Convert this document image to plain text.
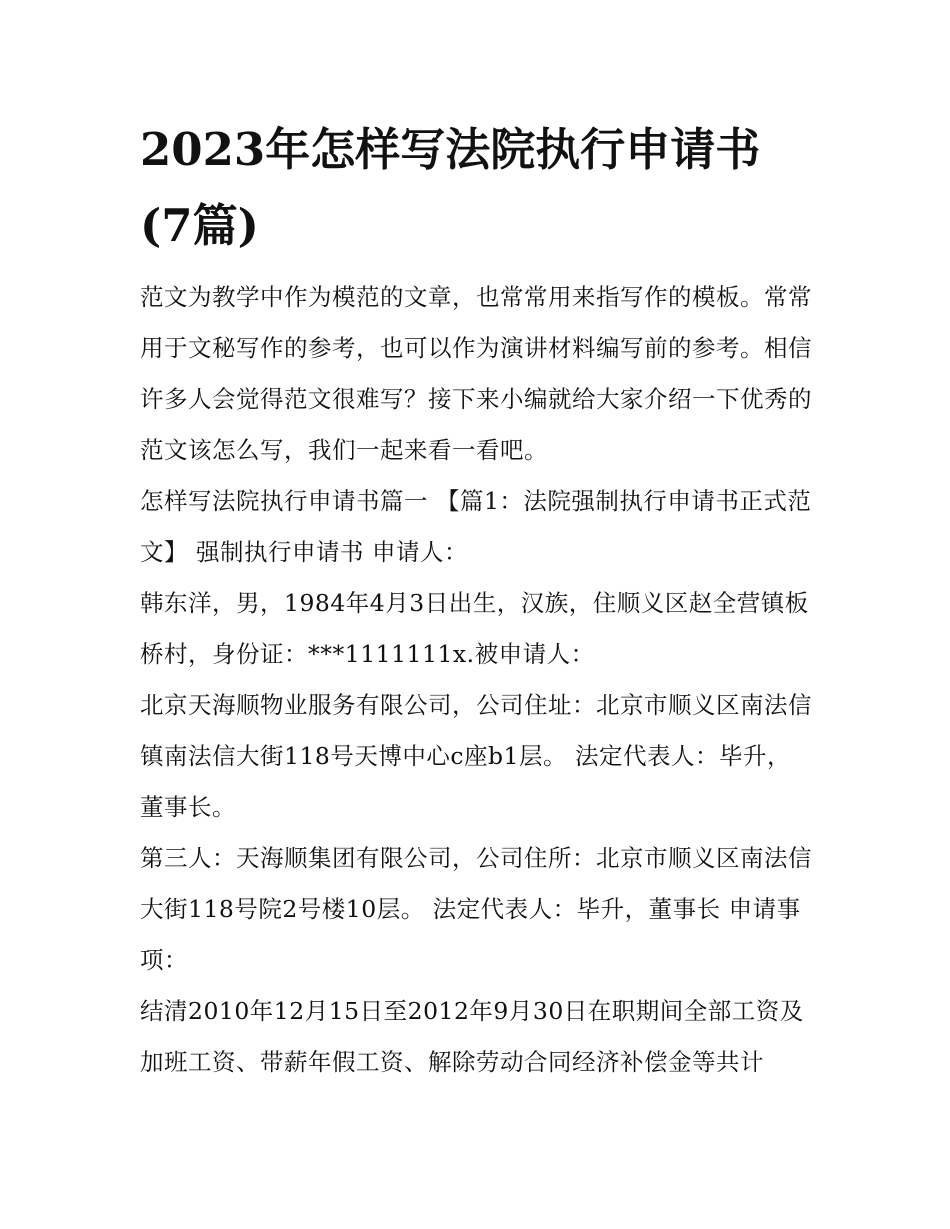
2023年怎样写法院执行申请书(7篇)

范文为教学中作为模范的文章，也常常用来指写作的模板。常常用于文秘写作的参考，也可以作为演讲材料编写前的参考。相信许多人会觉得范文很难写？接下来小编就给大家介绍一下优秀的范文该怎么写，我们一起来看一看吧。

怎样写法院执行申请书篇一 【篇1：法院强制执行申请书正式范文】 强制执行申请书 申请人：

韩东洋，男，1984年4月3日出生，汉族，住顺义区赵全营镇板桥村，身份证：***1111111x.被申请人：

北京天海顺物业服务有限公司，公司住址：北京市顺义区南法信镇南法信大街118号天博中心c座b1层。 法定代表人：毕升，董事长。

第三人：天海顺集团有限公司，公司住所：北京市顺义区南法信大街118号院2号楼10层。 法定代表人：毕升，董事长 申请事项：

结清2010年12月15日至2012年9月30日在职期间全部工资及加班工资、带薪年假工资、解除劳动合同经济补偿金等共计
